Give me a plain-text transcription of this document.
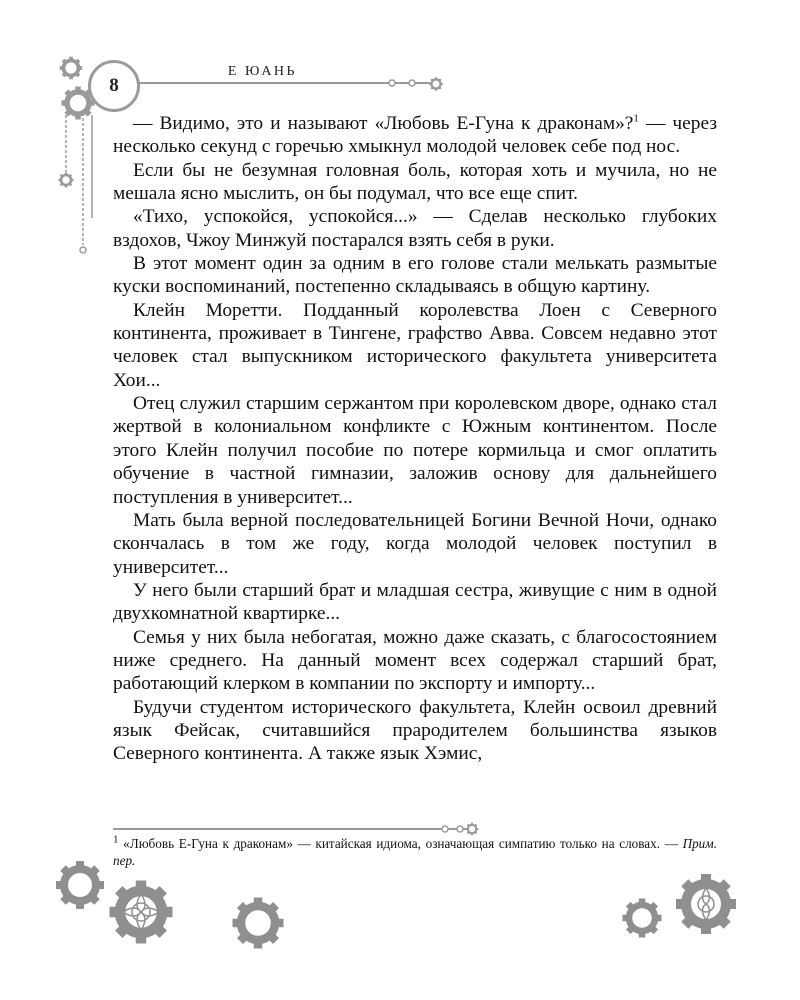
8
Е ЮАНЬ

— Видимо, это и называют «Любовь Е-Гуна к драконам»?$^1$ — через несколько секунд с горечью хмыкнул молодой человек себе под нос.

Если бы не безумная головная боль, которая хоть и мучила, но не мешала ясно мыслить, он бы подумал, что все еще спит.

«Тихо, успокойся, успокойся...» — Сделав несколько глубоких вздохов, Чжоу Минжуй постарался взять себя в руки.

В этот момент один за одним в его голове стали мелькать размытые куски воспоминаний, постепенно складываясь в общую картину.

Клейн Моретти. Подданный королевства Лоен с Северного континента, проживает в Тингене, графство Авва. Совсем недавно этот человек стал выпускником исторического факультета университета Хои...

Отец служил старшим сержантом при королевском дворе, однако стал жертвой в колониальном конфликте с Южным континентом. После этого Клейн получил пособие по потере кормильца и смог оплатить обучение в частной гимназии, заложив основу для дальнейшего поступления в университет...

Мать была верной последовательницей Богини Вечной Ночи, однако скончалась в том же году, когда молодой человек поступил в университет...

У него были старший брат и младшая сестра, живущие с ним в одной двухкомнатной квартирке...

Семья у них была небогатая, можно даже сказать, с благосостоянием ниже среднего. На данный момент всех содержал старший брат, работающий клерком в компании по экспорту и импорту...

Будучи студентом исторического факультета, Клейн освоил древний язык Фейсак, считавшийся прародителем большинства языков Северного континента. А также язык Хэмис,

$^1$ «Любовь Е-Гуна к драконам» — китайская идиома, означающая симпатию только на словах. — Прим. пер.
